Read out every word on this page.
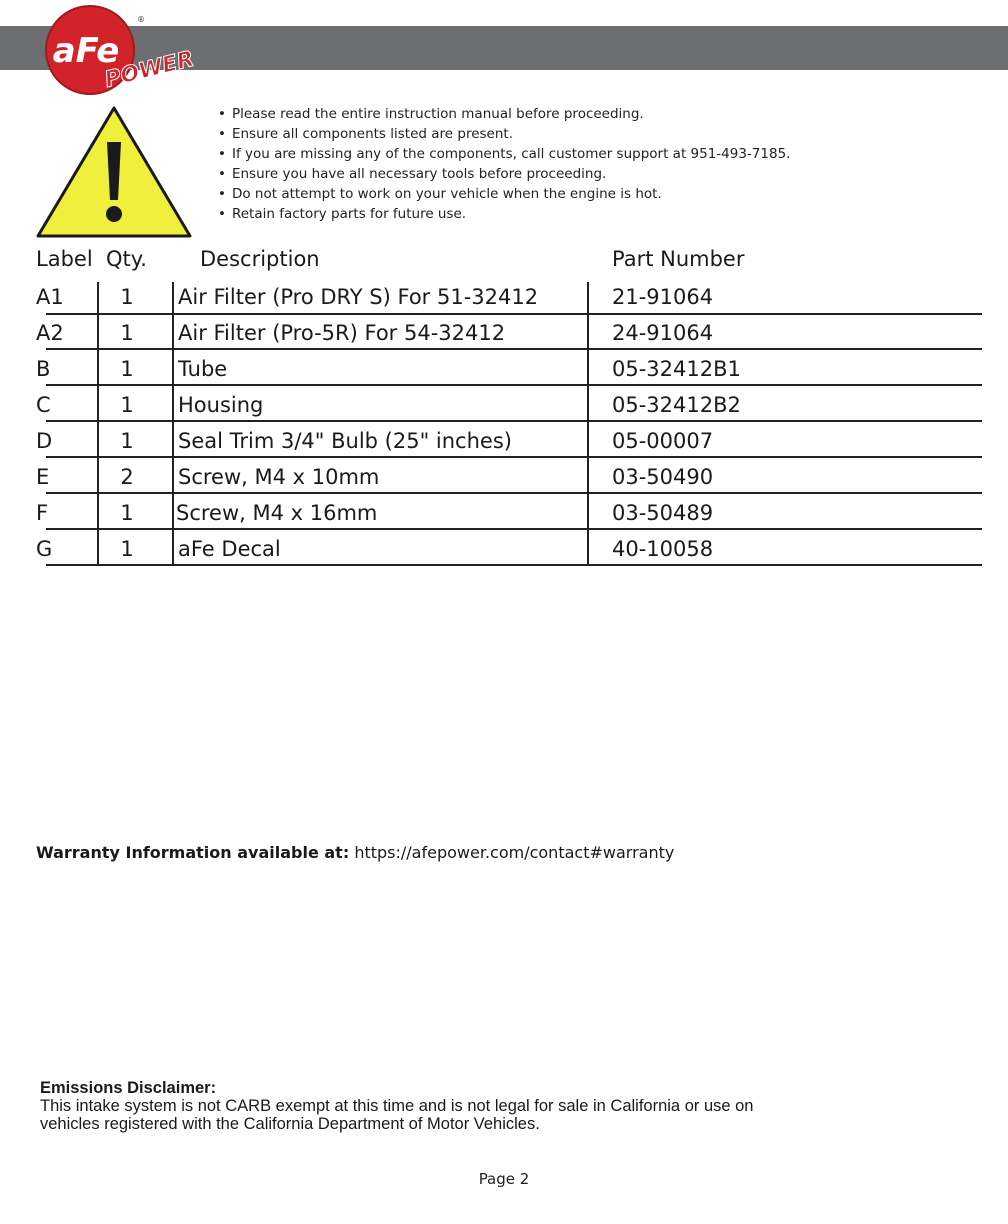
aFe
®
POWER
• Please read the entire instruction manual before proceeding.
• Ensure all components listed are present.
• If you are missing any of the components, call customer support at 951-493-7185.
• Ensure you have all necessary tools before proceeding.
• Do not attempt to work on your vehicle when the engine is hot.
• Retain factory parts for future use.
Label Qty.	Description	Part Number
A1	1	Air Filter (Pro DRY S) For 51-32412	21-91064
A2	1	Air Filter (Pro-5R) For 54-32412	24-91064
B	1	Tube	05-32412B1
C	1	Housing	05-32412B2
D	1	Seal Trim 3/4" Bulb (25" inches)	05-00007
E	2	Screw, M4 x 10mm	03-50490
F	1	Screw, M4 x 16mm	03-50489
G	1	aFe Decal	40-10058
Warranty Information available at: https://afepower.com/contact#warranty
Emissions Disclaimer:
This intake system is not CARB exempt at this time and is not legal for sale in California or use on
vehicles registered with the California Department of Motor Vehicles.
Page 2
